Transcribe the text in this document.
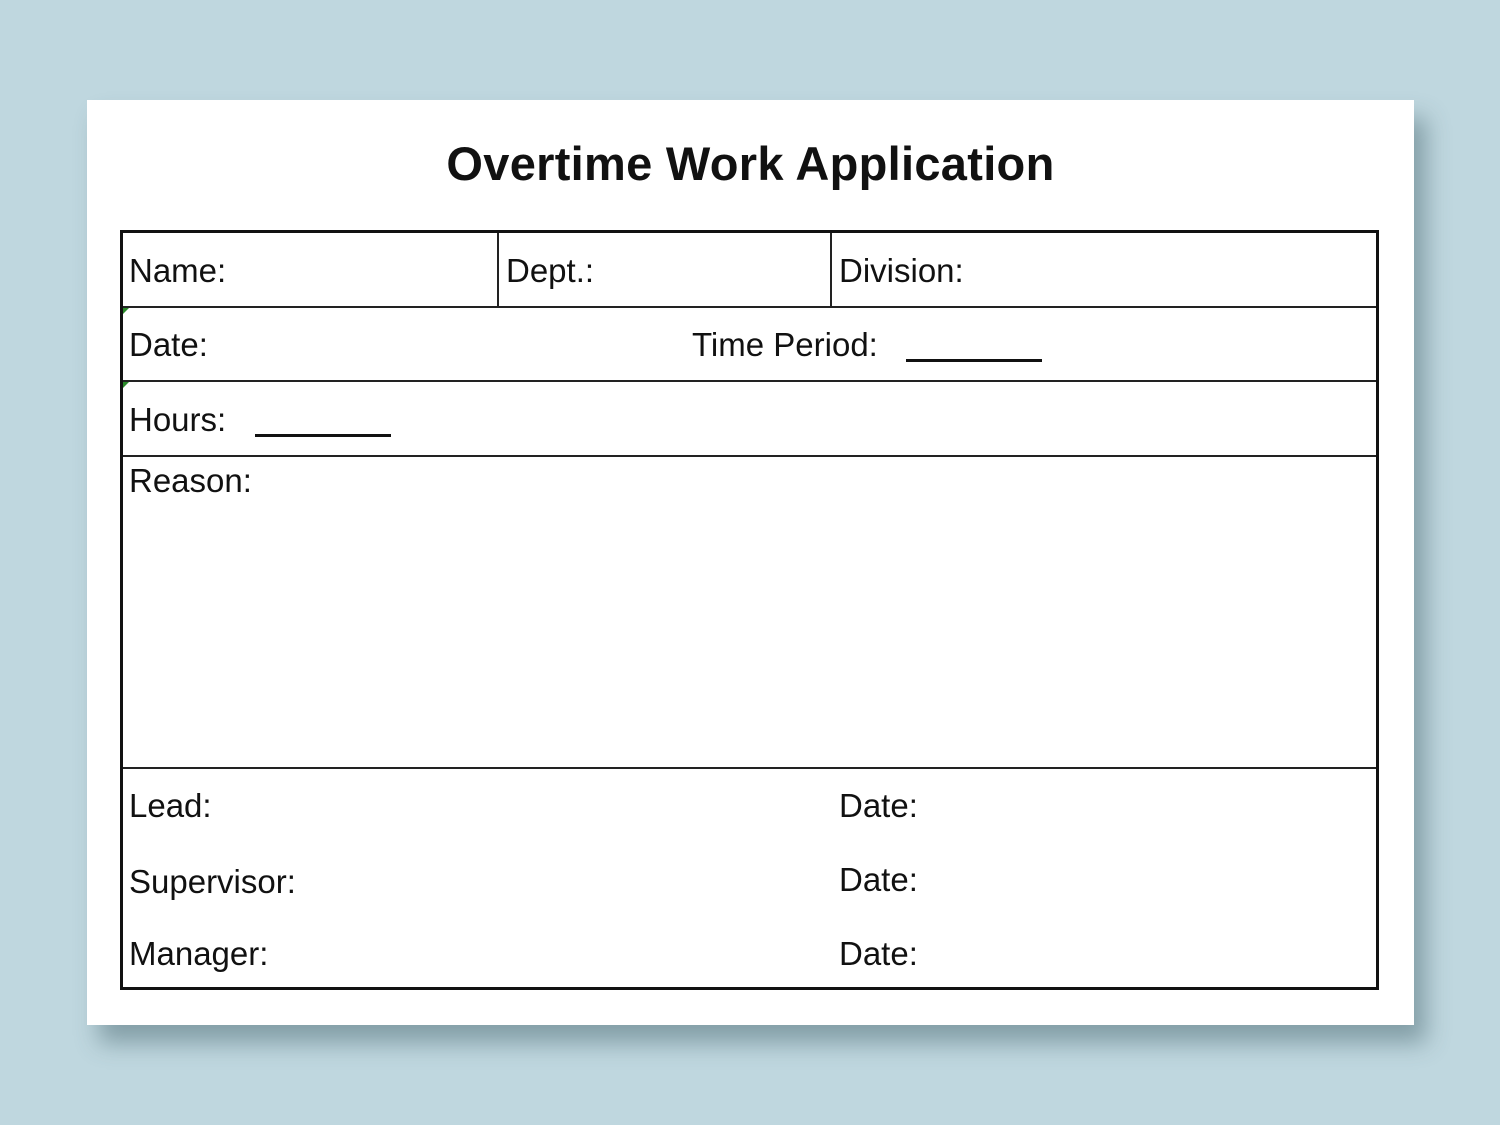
Overtime Work Application
Name:	Dept.:	Division:
Date:	Time Period:
Hours:
Reason:
Lead:	Date:
Supervisor:	Date:
Manager:	Date:
